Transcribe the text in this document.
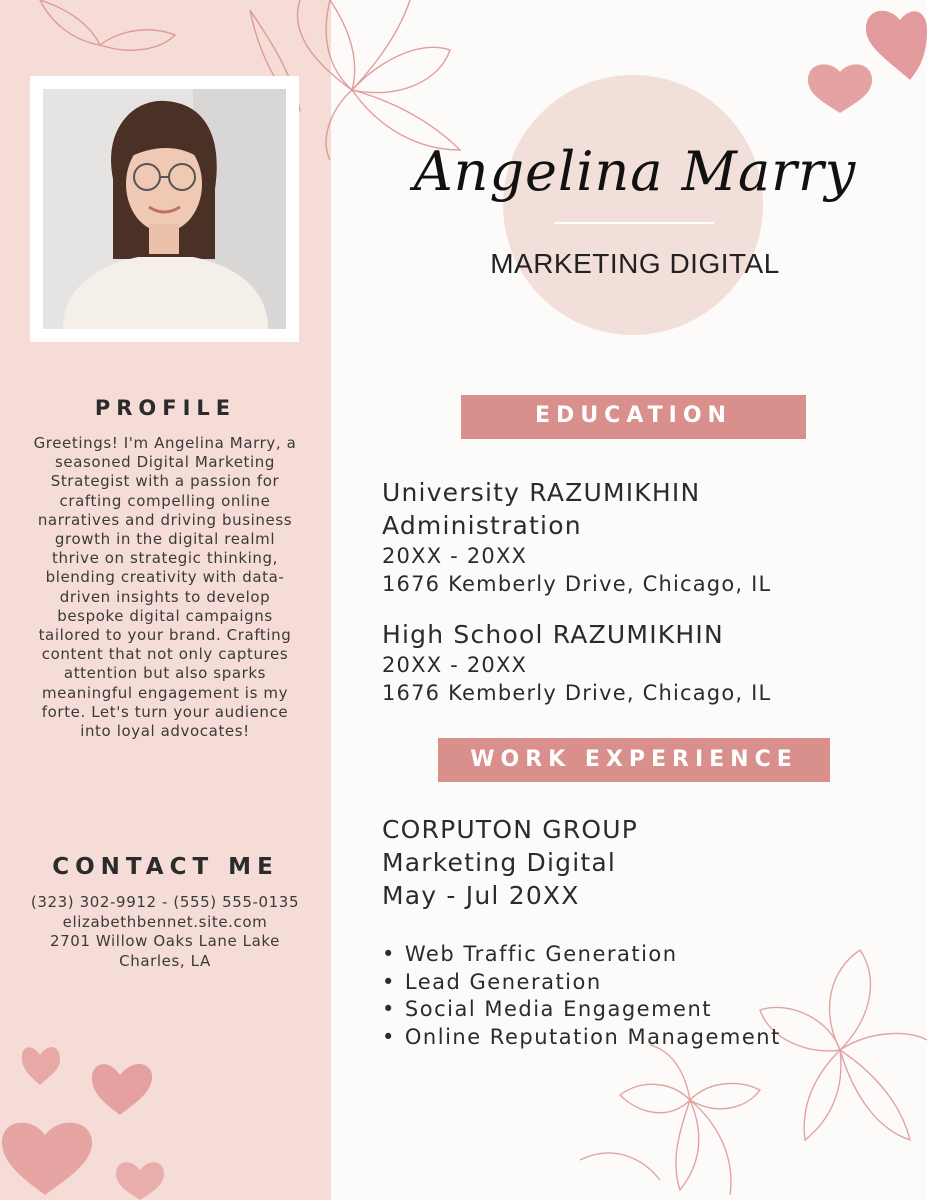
PROFILE
Greetings! I'm Angelina Marry, a seasoned Digital Marketing Strategist with a passion for crafting compelling online narratives and driving business growth in the digital realml thrive on strategic thinking, blending creativity with data-driven insights to develop bespoke digital campaigns tailored to your brand. Crafting content that not only captures attention but also sparks meaningful engagement is my forte. Let's turn your audience into loyal advocates!
CONTACT ME
(323) 302-9912 - (555) 555-0135
elizabethbennet.site.com
2701 Willow Oaks Lane Lake Charles, LA
Angelina Marry
MARKETING DIGITAL
EDUCATION
University RAZUMIKHIN Administration
20XX - 20XX
1676 Kemberly Drive, Chicago, IL
High School RAZUMIKHIN
20XX - 20XX
1676 Kemberly Drive, Chicago, IL
WORK EXPERIENCE
CORPUTON GROUP
Marketing Digital
May - Jul 20XX
• Web Traffic Generation
• Lead Generation
• Social Media Engagement
• Online Reputation Management
